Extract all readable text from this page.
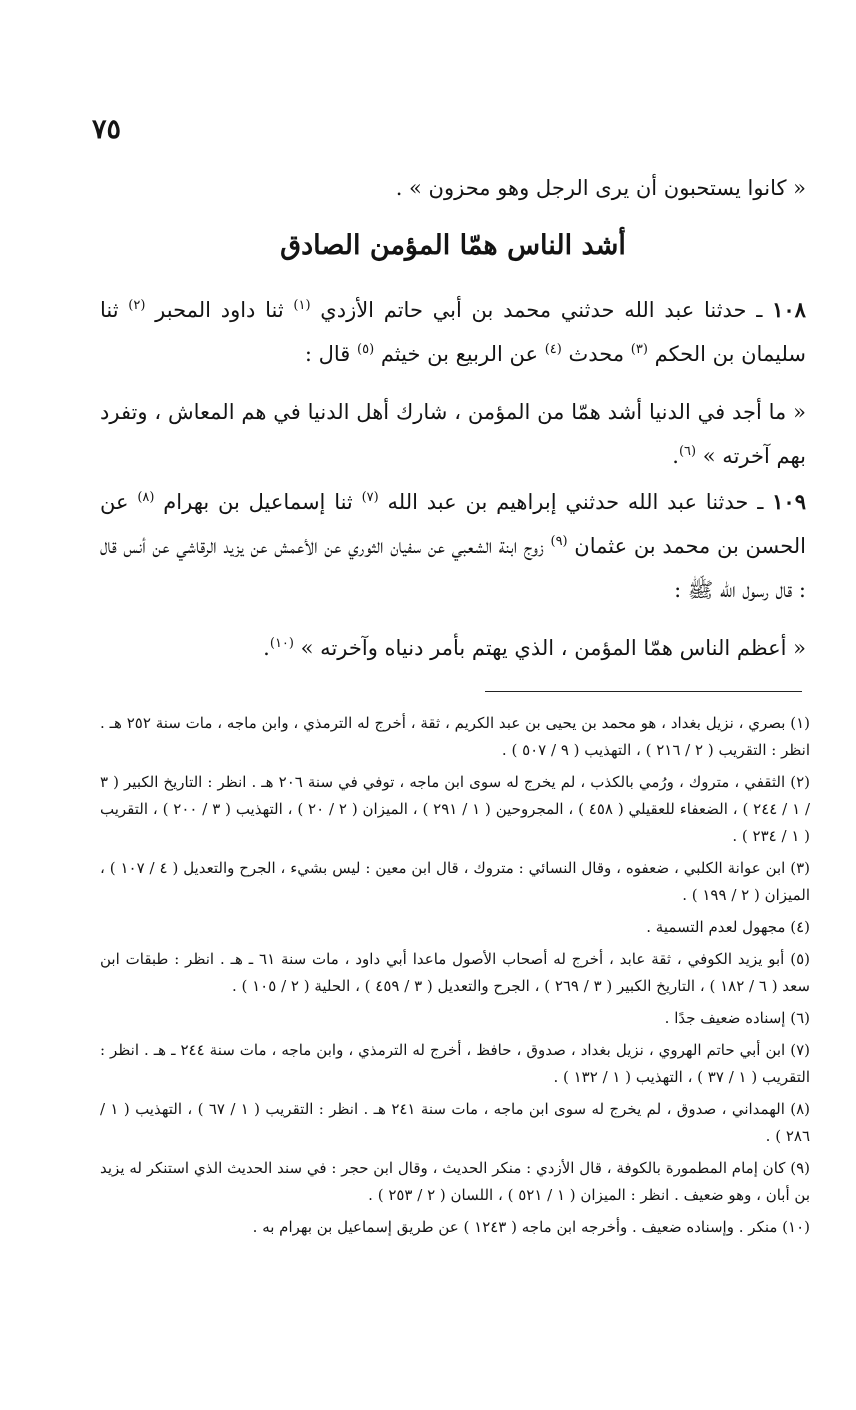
٧٥

« كانوا يستحبون أن يرى الرجل وهو محزون » .

أشد الناس همّا المؤمن الصادق

١٠٨ ـ حدثنا عبد الله حدثني محمد بن أبي حاتم الأزدي $^{(١)}$ ثنا داود المحبر $^{(٢)}$ ثنا سليمان بن الحكم $^{(٣)}$ محدث $^{(٤)}$ عن الربيع بن خيثم $^{(٥)}$ قال :

« ما أجد في الدنيا أشد همّا من المؤمن ، شارك أهل الدنيا في هم المعاش ، وتفرد بهم آخرته » $^{(٦)}$.

١٠٩ ـ حدثنا عبد الله حدثني إبراهيم بن عبد الله $^{(٧)}$ ثنا إسماعيل بن بهرام $^{(٨)}$ عن الحسن بن محمد بن عثمان $^{(٩)}$ زوج ابنة الشعبي عن سفيان الثوري عن الأعمش عن يزيد الرقاشي عن أنس قال : قال رسول الله ﷺ :

« أعظم الناس همّا المؤمن ، الذي يهتم بأمر دنياه وآخرته » $^{(١٠)}$.

(١) بصري ، نزيل بغداد ، هو محمد بن يحيى بن عبد الكريم ، ثقة ، أخرج له الترمذي ، وابن ماجه ، مات سنة ٢٥٢ هـ . انظر : التقريب ( ٢ / ٢١٦ ) ، التهذيب ( ٩ / ٥٠٧ ) .

(٢) الثقفي ، متروك ، ورُمي بالكذب ، لم يخرج له سوى ابن ماجه ، توفي في سنة ٢٠٦ هـ . انظر : التاريخ الكبير ( ٣ / ١ / ٢٤٤ ) ، الضعفاء للعقيلي ( ٤٥٨ ) ، المجروحين ( ١ / ٢٩١ ) ، الميزان ( ٢ / ٢٠ ) ، التهذيب ( ٣ / ٢٠٠ ) ، التقريب ( ١ / ٢٣٤ ) .

(٣) ابن عوانة الكلبي ، ضعفوه ، وقال النسائي : متروك ، قال ابن معين : ليس بشيء ، الجرح والتعديل ( ٤ / ١٠٧ ) ، الميزان ( ٢ / ١٩٩ ) .

(٤) مجهول لعدم التسمية .

(٥) أبو يزيد الكوفي ، ثقة عابد ، أخرج له أصحاب الأصول ماعدا أبي داود ، مات سنة ٦١ ـ هـ . انظر : طبقات ابن سعد ( ٦ / ١٨٢ ) ، التاريخ الكبير ( ٣ / ٢٦٩ ) ، الجرح والتعديل ( ٣ / ٤٥٩ ) ، الحلية ( ٢ / ١٠٥ ) .

(٦) إسناده ضعيف جدًا .

(٧) ابن أبي حاتم الهروي ، نزيل بغداد ، صدوق ، حافظ ، أخرج له الترمذي ، وابن ماجه ، مات سنة ٢٤٤ ـ هـ . انظر : التقريب ( ١ / ٣٧ ) ، التهذيب ( ١ / ١٣٢ ) .

(٨) الهمداني ، صدوق ، لم يخرج له سوى ابن ماجه ، مات سنة ٢٤١ هـ . انظر : التقريب ( ١ / ٦٧ ) ، التهذيب ( ١ / ٢٨٦ ) .

(٩) كان إمام المطمورة بالكوفة ، قال الأزدي : منكر الحديث ، وقال ابن حجر : في سند الحديث الذي استنكر له يزيد بن أبان ، وهو ضعيف . انظر : الميزان ( ١ / ٥٢١ ) ، اللسان ( ٢ / ٢٥٣ ) .

(١٠) منكر . وإسناده ضعيف . وأخرجه ابن ماجه ( ١٢٤٣ ) عن طريق إسماعيل بن بهرام به .
